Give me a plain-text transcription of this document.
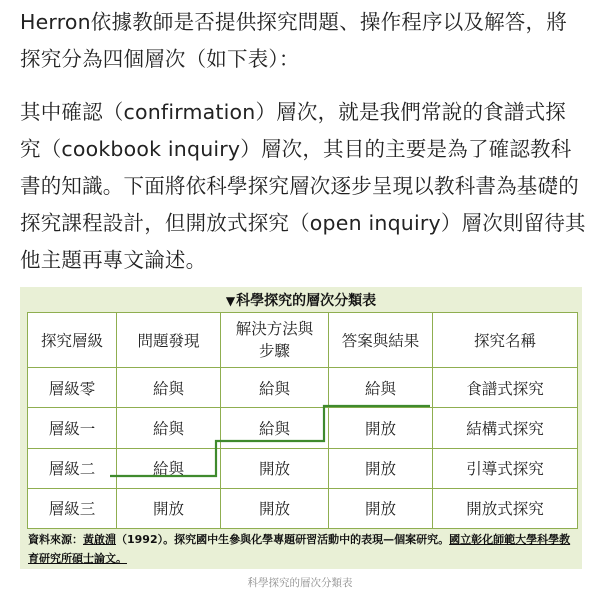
Herron依據教師是否提供探究問題、操作程序以及解答，將探究分為四個層次（如下表）：

其中確認（confirmation）層次，就是我們常說的食譜式探究（cookbook inquiry）層次，其目的主要是為了確認教科書的知識。下面將依科學探究層次逐步呈現以教科書為基礎的探究課程設計，但開放式探究（open inquiry）層次則留待其他主題再專文論述。

▼科學探究的層次分類表
探究層級	問題發現	解決方法與步驟	答案與結果	探究名稱
層級零	給與	給與	給與	食譜式探究
層級一	給與	給與	開放	結構式探究
層級二	給與	開放	開放	引導式探究
層級三	開放	開放	開放	開放式探究
資料來源：黃啟淵（1992）。探究國中生參與化學專題研習活動中的表現—個案研究。國立彰化師範大學科學教育研究所碩士論文。
科學探究的層次分類表
